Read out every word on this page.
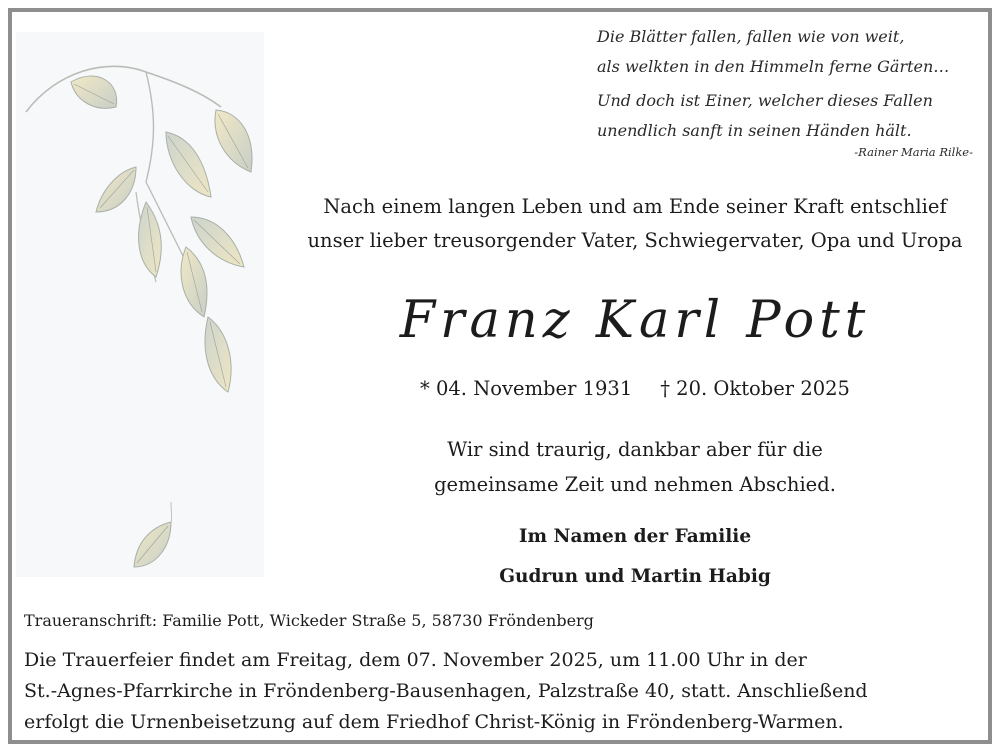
Die Blätter fallen, fallen wie von weit,
als welkten in den Himmeln ferne Gärten…
Und doch ist Einer, welcher dieses Fallen
unendlich sanft in seinen Händen hält.
-Rainer Maria Rilke-
Nach einem langen Leben und am Ende seiner Kraft entschlief
unser lieber treusorgender Vater, Schwiegervater, Opa und Uropa
Franz Karl Pott
* 04. November 1931 † 20. Oktober 2025
Wir sind traurig, dankbar aber für die
gemeinsame Zeit und nehmen Abschied.
Im Namen der Familie
Gudrun und Martin Habig
Traueranschrift: Familie Pott, Wickeder Straße 5, 58730 Fröndenberg
Die Trauerfeier findet am Freitag, dem 07. November 2025, um 11.00 Uhr in der
St.-Agnes-Pfarrkirche in Fröndenberg-Bausenhagen, Palzstraße 40, statt. Anschließend
erfolgt die Urnenbeisetzung auf dem Friedhof Christ-König in Fröndenberg-Warmen.
